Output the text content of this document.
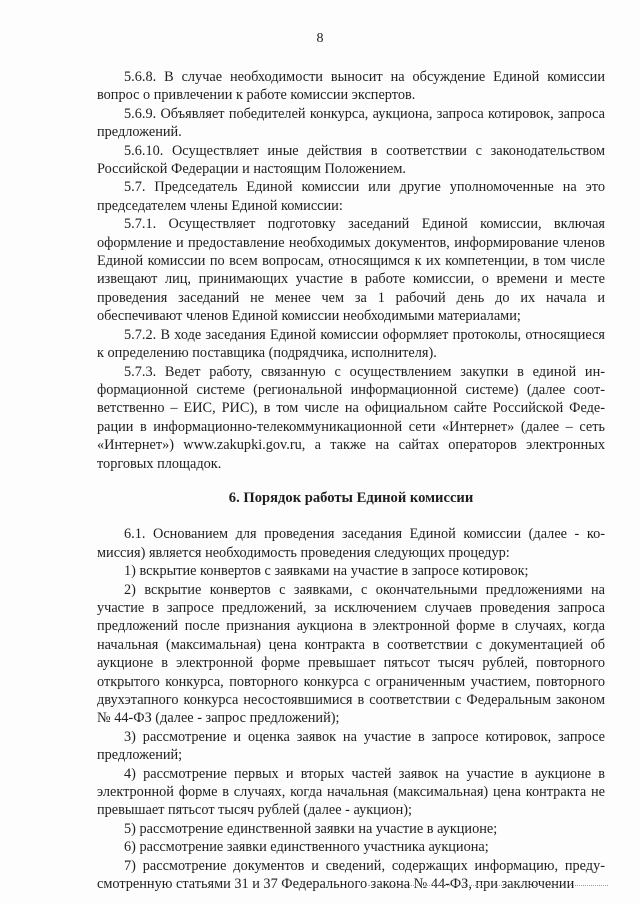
8

5.6.8. В случае необходимости выносит на обсуждение Единой комиссии вопрос о привлечении к работе комиссии экспертов.

5.6.9. Объявляет победителей конкурса, аукциона, запроса котировок, запроса предложений.

5.6.10. Осуществляет иные действия в соответствии с законодательством Российской Федерации и настоящим Положением.

5.7. Председатель Единой комиссии или другие уполномоченные на это председателем члены Единой комиссии:

5.7.1. Осуществляет подготовку заседаний Единой комиссии, включая оформление и предоставление необходимых документов, информирование членов Единой комиссии по всем вопросам, относящимся к их компетенции, в том числе извещают лиц, принимающих участие в работе комиссии, о времени и месте проведения заседаний не менее чем за 1 рабочий день до их начала и обеспечивают членов Единой комиссии необходимыми материалами;

5.7.2. В ходе заседания Единой комиссии оформляет протоколы, относящиеся к определению поставщика (подрядчика, исполнителя).

5.7.3. Ведет работу, связанную с осуществлением закупки в единой информационной системе (региональной информационной системе) (далее соответственно – ЕИС, РИС), в том числе на официальном сайте Российской Федерации в информационно-телекоммуникационной сети «Интернет» (далее – сеть «Интернет») www.zakupki.gov.ru, а также на сайтах операторов электронных торговых площадок.

6. Порядок работы Единой комиссии

6.1. Основанием для проведения заседания Единой комиссии (далее - комиссия) является необходимость проведения следующих процедур:

1) вскрытие конвертов с заявками на участие в запросе котировок;

2) вскрытие конвертов с заявками, с окончательными предложениями на участие в запросе предложений, за исключением случаев проведения запроса предложений после признания аукциона в электронной форме в случаях, когда начальная (максимальная) цена контракта в соответствии с документацией об аукционе в электронной форме превышает пятьсот тысяч рублей, повторного открытого конкурса, повторного конкурса с ограниченным участием, повторного двухэтапного конкурса несостоявшимися в соответствии с Федеральным законом № 44-ФЗ (далее - запрос предложений);

3) рассмотрение и оценка заявок на участие в запросе котировок, запросе предложений;

4) рассмотрение первых и вторых частей заявок на участие в аукционе в электронной форме в случаях, когда начальная (максимальная) цена контракта не превышает пятьсот тысяч рублей (далее - аукцион);

5) рассмотрение единственной заявки на участие в аукционе;

6) рассмотрение заявки единственного участника аукциона;

7) рассмотрение документов и сведений, содержащих информацию, предусмотренную статьями 31 и 37 Федерального закона № 44-ФЗ, при заключении
